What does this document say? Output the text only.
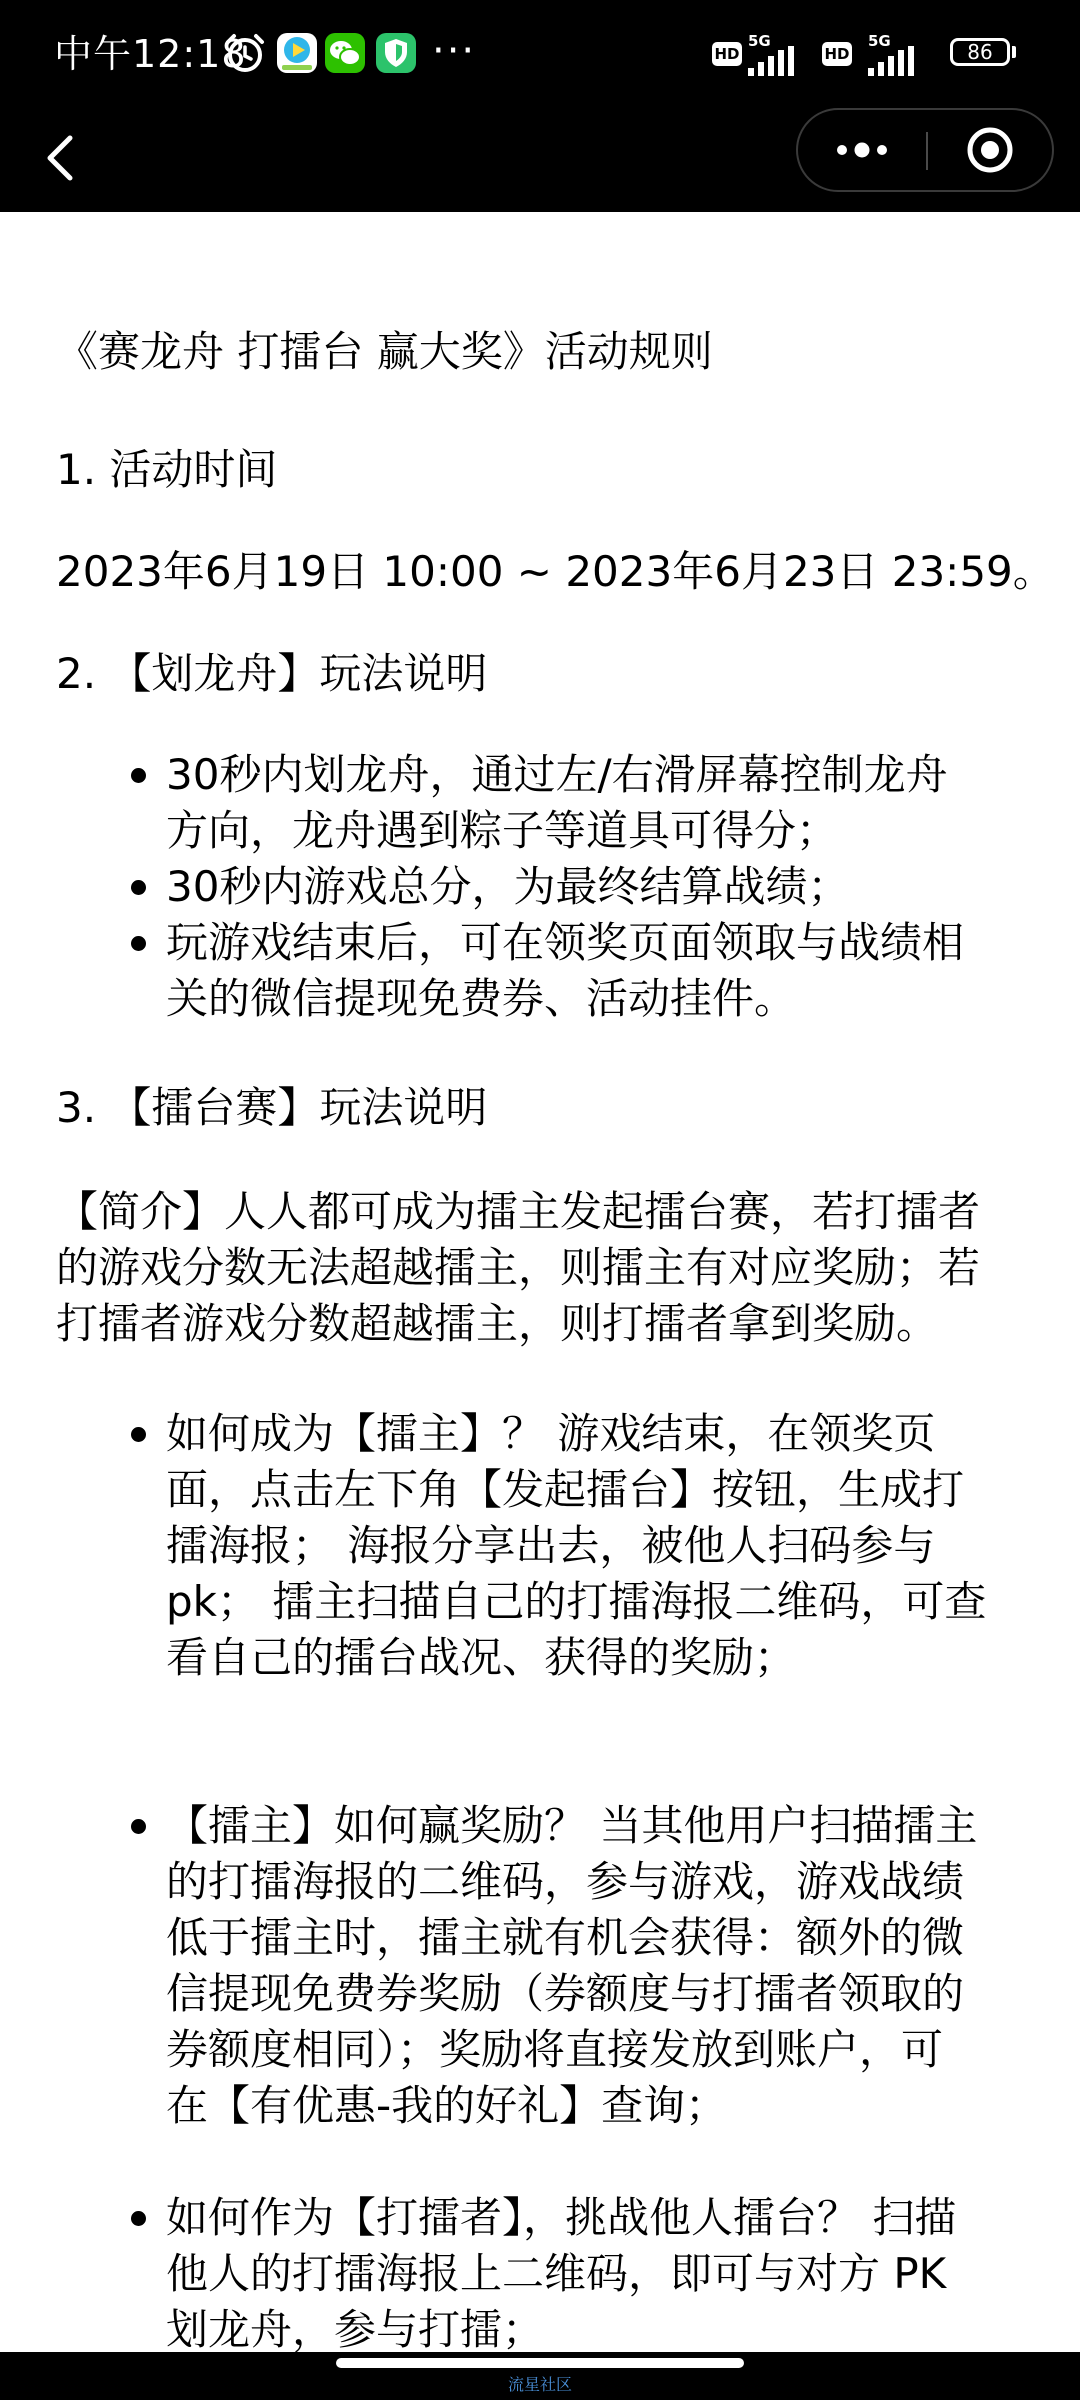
中午12:18	···	HD
5G
HD
5G	86

《赛龙舟 打擂台 赢大奖》活动规则

1. 活动时间

2023年6月19日 10:00 ~ 2023年6月23日 23:59。

2. 【划龙舟】玩法说明

30秒内划龙舟，通过左/右滑屏幕控制龙舟
方向，龙舟遇到粽子等道具可得分；
30秒内游戏总分，为最终结算战绩；
玩游戏结束后，可在领奖页面领取与战绩相
关的微信提现免费券、活动挂件。

3. 【擂台赛】玩法说明

【简介】人人都可成为擂主发起擂台赛，若打擂者
的游戏分数无法超越擂主，则擂主有对应奖励；若
打擂者游戏分数超越擂主，则打擂者拿到奖励。
如何成为【擂主】？ 游戏结束，在领奖页
面，点击左下角【发起擂台】按钮，生成打
擂海报； 海报分享出去，被他人扫码参与
pk； 擂主扫描自己的打擂海报二维码，可查
看自己的擂台战况、获得的奖励；
【擂主】如何赢奖励？ 当其他用户扫描擂主
的打擂海报的二维码，参与游戏，游戏战绩
低于擂主时，擂主就有机会获得：额外的微
信提现免费券奖励（券额度与打擂者领取的
券额度相同）；奖励将直接发放到账户，可
在【有优惠-我的好礼】查询；
如何作为【打擂者】，挑战他人擂台？ 扫描
他人的打擂海报上二维码，即可与对方 PK
划龙舟，参与打擂；
流星社区
